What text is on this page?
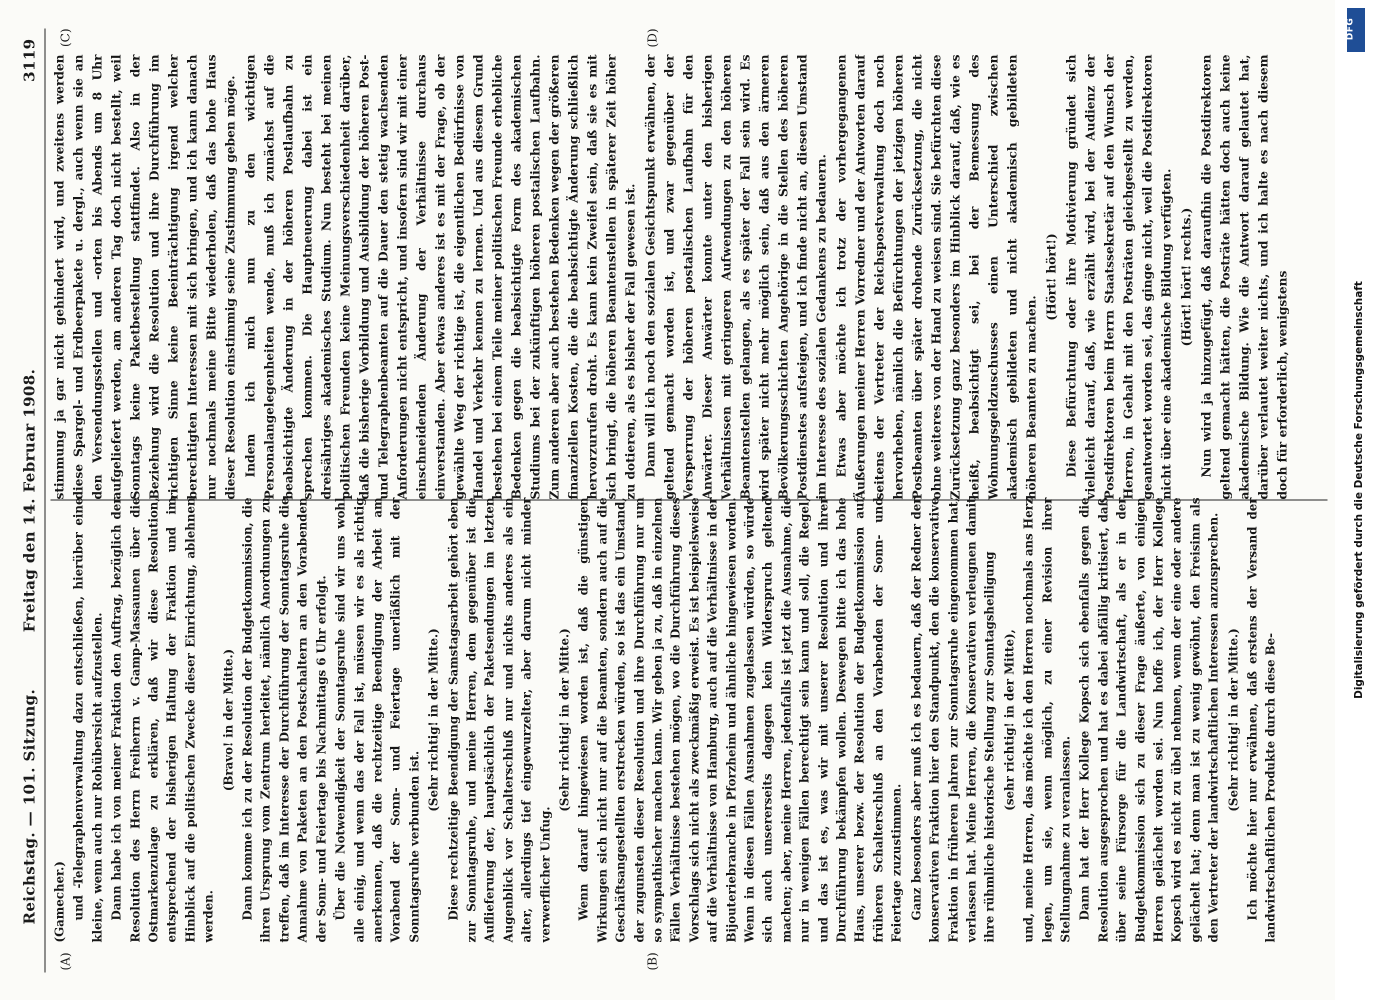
Reichstag. — 101. Sitzung.
Freitag den 14. Februar 1908.
3119
(A)	(B)
(C)	(D)

(Gamecher.) und -Telegraphenverwaltung dazu entschließen, hierüber eine kleine, wenn auch nur Rohübersicht aufzustellen. Dann habe ich von meiner Fraktion den Auftrag, bezüglich der Resolution des Herrn Freiherrn v. Gamp-Massaunen über die Ostmarkenzulage zu erklären, daß wir diese Resolution, entsprechend der bisherigen Haltung der Fraktion und im Hinblick auf die politischen Zwecke dieser Einrichtung, ablehnen werden.

(Bravo! in der Mitte.) Dann komme ich zu der Resolution der Budgetkommission, die ihren Ursprung vom Zentrum herleitet, nämlich Anordnungen zu treffen, daß im Interesse der Durchführung der Sonntagsruhe die Annahme von Paketen an den Postschaltern an den Vorabenden der Sonn- und Feiertage bis Nachmittags 6 Uhr erfolgt. Über die Notwendigkeit der Sonntagsruhe sind wir uns wohl alle einig, und wenn das der Fall ist, müssen wir es als richtig anerkennen, daß die rechtzeitige Beendigung der Arbeit am Vorabend der Sonn- und Feiertage unerläßlich mit der Sonntagsruhe verbunden ist.

(Sehr richtig! in der Mitte.) Diese rechtzeitige Beendigung der Samstagsarbeit gehört eben zur Sonntagsruhe, und meine Herren, dem gegenüber ist die Auflieferung der, hauptsächlich der Paketsendungen im letzten Augenblick vor Schalterschluß nur und nichts anderes als ein alter, allerdings tief eingewurzelter, aber darum nicht minder verwerflicher Unfug.

(Sehr richtig! in der Mitte.) Wenn darauf hingewiesen worden ist, daß die günstigen Wirkungen sich nicht nur auf die Beamten, sondern auch auf die Geschäftsangestellten erstrecken würden, so ist das ein Umstand, der zugunsten dieser Resolution und ihre Durchführung nur um so sympathischer machen kann. Wir geben ja zu, daß in einzelnen Fällen Verhältnisse bestehen mögen, wo die Durchführung dieses Vorschlags sich nicht als zweckmäßig erweist. Es ist beispielsweise auf die Verhältnisse von Hamburg, auch auf die Verhältnisse in der Bijouteriebranche in Pforzheim und ähnliche hingewiesen worden. Wenn in diesen Fällen Ausnahmen zugelassen würden, so würde sich auch unsererseits dagegen kein Widerspruch geltend machen; aber, meine Herren, jedenfalls ist jetzt die Ausnahme, die nur in wenigen Fällen berechtigt sein kann und soll, die Regel, und das ist es, was wir mit unserer Resolution und ihrer Durchführung bekämpfen wollen. Deswegen bitte ich das hohe Haus, unserer bezw. der Resolution der Budgetkommission auf früheren Schalterschluß an den Vorabenden der Sonn- und Feiertage zuzustimmen. Ganz besonders aber muß ich es bedauern, daß der Redner der konservativen Fraktion hier den Standpunkt, den die konservative Fraktion in früheren Jahren zur Sonntagsruhe eingenommen hat, verlassen hat. Meine Herren, die Konservativen verleugnen damit ihre rühmliche historische Stellung zur Sonntagsheiligung (sehr richtig! in der Mitte), und, meine Herren, das möchte ich den Herren nochmals ans Herz legen, um sie, wenn möglich, zu einer Revision ihrer Stellungnahme zu veranlassen. Dann hat der Herr Kollege Kopsch sich ebenfalls gegen die Resolution ausgesprochen und hat es dabei abfällig kritisiert, daß über seine Fürsorge für die Landwirtschaft, als er in der Budgetkommission sich zu dieser Frage äußerte, von einigen Herren gelächelt worden sei. Nun hoffe ich, der Herr Kollege Kopsch wird es nicht zu übel nehmen, wenn der eine oder andere gelächelt hat; denn man ist zu wenig gewöhnt, den Freisinn als den Vertreter der landwirtschaftlichen Interessen anzusprechen. (Sehr richtig! in der Mitte.) Ich möchte hier nur erwähnen, daß erstens der Versand der landwirtschaftlichen Produkte durch diese Be-

stimmung ja gar nicht gehindert wird, und zweitens werden diese Spargel- und Erdbeerpakete u. dergl., auch wenn sie an den Versendungsstellen und -orten bis Abends um 8 Uhr aufgeliefert werden, am anderen Tag doch nicht bestellt, weil Sonntags keine Paketbestellung stattfindet. Also in der Beziehung wird die Resolution und ihre Durchführung im richtigen Sinne keine Beeinträchtigung irgend welcher berechtigten Interessen mit sich bringen, und ich kann danach nur nochmals meine Bitte wiederholen, daß das hohe Haus dieser Resolution einstimmig seine Zustimmung geben möge. Indem ich mich nun zu den wichtigen Personalangelegenheiten wende, muß ich zunächst auf die beabsichtigte Änderung in der höheren Postlaufbahn zu sprechen kommen. Die Hauptneuerung dabei ist ein dreisähriges akademisches Studium. Nun besteht bei meinen politischen Freunden keine Meinungsverschiedenheit darüber, daß die bisherige Vorbildung und Ausbildung der höheren Post- und Telegraphenbeamten auf die Dauer den stetig wachsenden Anforderungen nicht entspricht, und insofern sind wir mit einer einschneidenden Änderung der Verhältnisse durchaus einverstanden. Aber etwas anderes ist es mit der Frage, ob der gewählte Weg der richtige ist, die eigentlichen Bedürfnisse von Handel und Verkehr kennen zu lernen. Und aus diesem Grund bestehen bei einem Teile meiner politischen Freunde erhebliche Bedenken gegen die beabsichtigte Form des akademischen Studiums bei der zukünftigen höheren postalischen Laufbahn. Zum anderen aber auch bestehen Bedenken wegen der größeren finanziellen Kosten, die die beabsichtigte Änderung schließlich hervorzurufen droht. Es kann kein Zweifel sein, daß sie es mit sich bringt, die höheren Beamtenstellen in späterer Zeit höher zu dotieren, als es bisher der Fall gewesen ist. Dann will ich noch den sozialen Gesichtspunkt erwähnen, der geltend gemacht worden ist, und zwar gegenüber der Versperrung der höheren postalischen Laufbahn für den Anwärter. Dieser Anwärter konnte unter den bisherigen Verhältnissen mit geringeren Aufwendungen zu den höheren Beamtenstellen gelangen, als es später der Fall sein wird. Es wird später nicht mehr möglich sein, daß aus den ärmeren Bevölkerungsschichten Angehörige in die Stellen des höheren Postdienstes aufsteigen, und ich finde nicht an, diesen Umstand im Interesse des sozialen Gedankens zu bedauern. Etwas aber möchte ich trotz der vorhergegangenen Äußerungen meiner Herren Vorredner und der Antworten darauf seitens der Vertreter der Reichspostverwaltung doch noch hervorheben, nämlich die Befürchtungen der jetzigen höheren Postbeamten über später drohende Zurücksetzung, die nicht ohne weiteres von der Hand zu weisen sind. Sie befürchten diese Zurücksetzung ganz besonders im Hinblick darauf, daß, wie es heißt, beabsichtigt sei, bei der Bemessung des Wohnungsgeldzuschusses einen Unterschied zwischen akademisch gebildeten und nicht akademisch gebildeten höheren Beamten zu machen.

(Hört! hört!) Diese Befürchtung oder ihre Motivierung gründet sich vielleicht darauf, daß, wie erzählt wird, bei der Audienz der Postdirektoren beim Herrn Staatssekretär auf den Wunsch der Herren, in Gehalt mit den Posträten gleichgestellt zu werden, geantwortet worden sei, das ginge nicht, weil die Postdirektoren nicht über eine akademische Bildung verfügten. (Hört! hört! rechts.) Nun wird ja hinzugefügt, daß daraufhin die Postdirektoren geltend gemacht hätten, die Posträte hätten doch auch keine akademische Bildung. Wie die Antwort darauf gelautet hat, darüber verlautet weiter nichts, und ich halte es nach diesem doch für erforderlich, wenigstens

DFG
Digitalisierung gefördert durch die Deutsche Forschungsgemeinschaft
